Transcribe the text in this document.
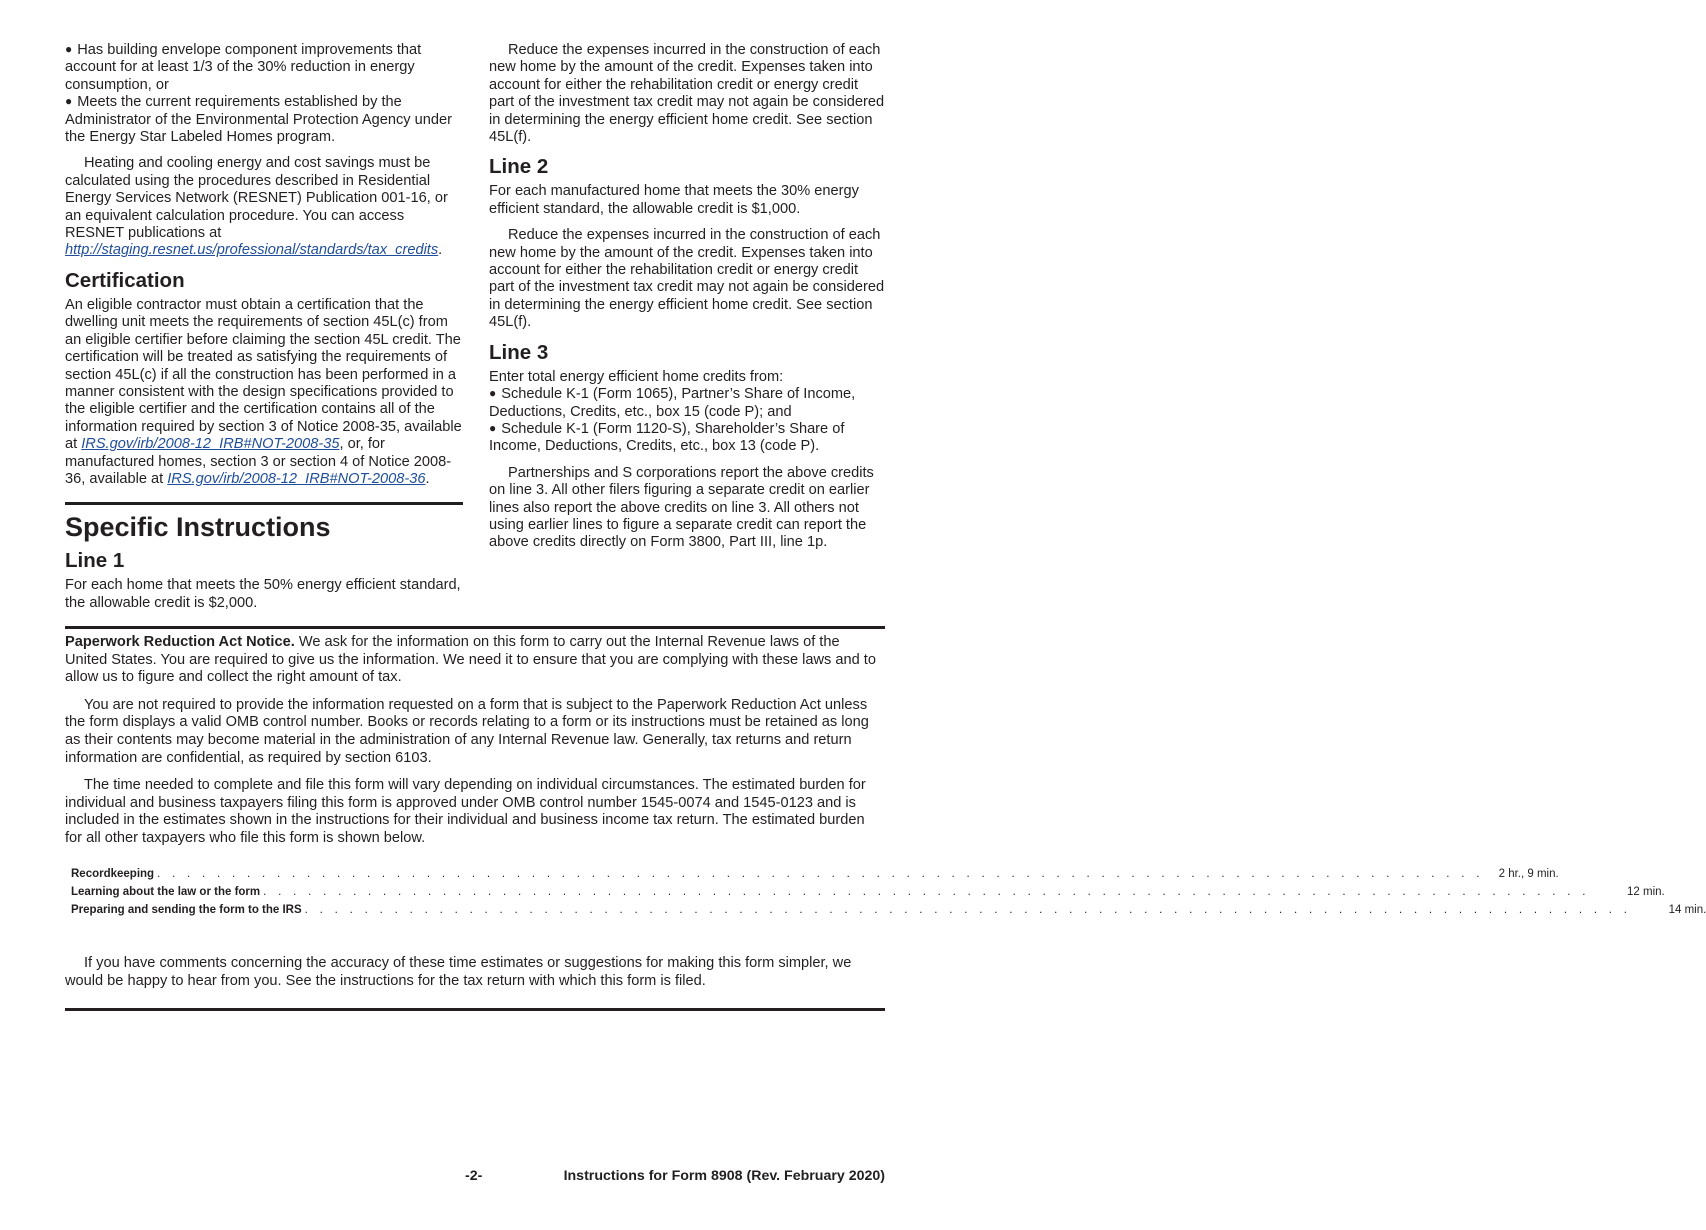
● Has building envelope component improvements that account for at least 1/3 of the 30% reduction in energy consumption, or

● Meets the current requirements established by the Administrator of the Environmental Protection Agency under the Energy Star Labeled Homes program.

Heating and cooling energy and cost savings must be calculated using the procedures described in Residential Energy Services Network (RESNET) Publication 001-16, or an equivalent calculation procedure. You can access RESNET publications at http://staging.resnet.us/professional/standards/tax_credits.

Certification

An eligible contractor must obtain a certification that the dwelling unit meets the requirements of section 45L(c) from an eligible certifier before claiming the section 45L credit. The certification will be treated as satisfying the requirements of section 45L(c) if all the construction has been performed in a manner consistent with the design specifications provided to the eligible certifier and the certification contains all of the information required by section 3 of Notice 2008-35, available at IRS.gov/irb/2008-12_IRB#NOT-2008-35, or, for manufactured homes, section 3 or section 4 of Notice 2008-36, available at IRS.gov/irb/2008-12_IRB#NOT-2008-36.

Specific Instructions
Line 1

For each home that meets the 50% energy efficient standard, the allowable credit is $2,000.

Reduce the expenses incurred in the construction of each new home by the amount of the credit. Expenses taken into account for either the rehabilitation credit or energy credit part of the investment tax credit may not again be considered in determining the energy efficient home credit. See section 45L(f).

Line 2

For each manufactured home that meets the 30% energy efficient standard, the allowable credit is $1,000.

Reduce the expenses incurred in the construction of each new home by the amount of the credit. Expenses taken into account for either the rehabilitation credit or energy credit part of the investment tax credit may not again be considered in determining the energy efficient home credit. See section 45L(f).

Line 3

Enter total energy efficient home credits from:

● Schedule K-1 (Form 1065), Partner’s Share of Income, Deductions, Credits, etc., box 15 (code P); and

● Schedule K-1 (Form 1120-S), Shareholder’s Share of Income, Deductions, Credits, etc., box 13 (code P).

Partnerships and S corporations report the above credits on line 3. All other filers figuring a separate credit on earlier lines also report the above credits on line 3. All others not using earlier lines to figure a separate credit can report the above credits directly on Form 3800, Part III, line 1p.

Paperwork Reduction Act Notice. We ask for the information on this form to carry out the Internal Revenue laws of the United States. You are required to give us the information. We need it to ensure that you are complying with these laws and to allow us to figure and collect the right amount of tax.

You are not required to provide the information requested on a form that is subject to the Paperwork Reduction Act unless the form displays a valid OMB control number. Books or records relating to a form or its instructions must be retained as long as their contents may become material in the administration of any Internal Revenue law. Generally, tax returns and return information are confidential, as required by section 6103.

The time needed to complete and file this form will vary depending on individual circumstances. The estimated burden for individual and business taxpayers filing this form is approved under OMB control number 1545-0074 and 1545-0123 and is included in the estimates shown in the instructions for their individual and business income tax return. The estimated burden for all other taxpayers who file this form is shown below.

Recordkeeping . . . . . . . . . . . . . . . . . . . . . . . . . . . . . . . . . . . . . . . . . . . . . . . . . . . . . . . . . . . . . . . . . . . . . . . . . . . . . . . . . . . . . . . . .	2 hr., 9 min.
Learning about the law or the form . . . . . . . . . . . . . . . . . . . . . . . . . . . . . . . . . . . . . . . . . . . . . . . . . . . . . . . . . . . . . . . . . . . . . . . . . . . . . . . . . . . . . . . . .	12 min.
Preparing and sending the form to the IRS . . . . . . . . . . . . . . . . . . . . . . . . . . . . . . . . . . . . . . . . . . . . . . . . . . . . . . . . . . . . . . . . . . . . . . . . . . . . . . . . . . . . . . . . .	14 min.

If you have comments concerning the accuracy of these time estimates or suggestions for making this form simpler, we would be happy to hear from you. See the instructions for the tax return with which this form is filed.

-2-	Instructions for Form 8908 (Rev. February 2020)
